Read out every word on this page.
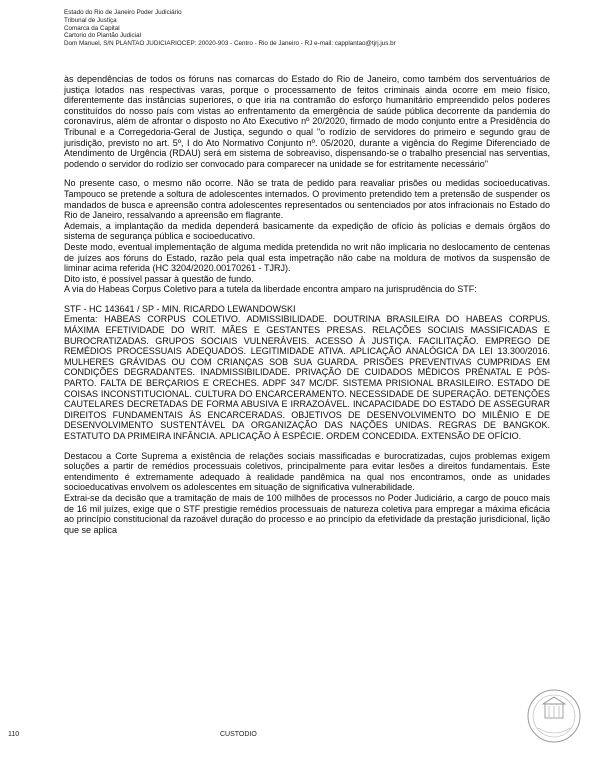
Estado do Rio de Janeiro Poder Judiciário
Tribunal de Justiça
Comarca da Capital
Cartorio do Plantão Judicial
Dom Manuel, S/N PLANTAO JUDICIARIOCEP: 20020-903 - Centro - Rio de Janeiro - RJ e-mail: capplantao@tjrj.jus.br

às dependências de todos os fóruns nas comarcas do Estado do Rio de Janeiro, como também dos serventuários de justiça lotados nas respectivas varas, porque o processamento de feitos criminais ainda ocorre em meio físico, diferentemente das instâncias superiores, o que iria na contramão do esforço humanitário empreendido pelos poderes constituídos do nosso país com vistas ao enfrentamento da emergência de saúde pública decorrente da pandemia do coronavírus, além de afrontar o disposto no Ato Executivo nº 20/2020, firmado de modo conjunto entre a Presidência do Tribunal e a Corregedoria-Geral de Justiça, segundo o qual "o rodízio de servidores do primeiro e segundo grau de jurisdição, previsto no art. 5º, I do Ato Normativo Conjunto nº. 05/2020, durante a vigência do Regime Diferenciado de Atendimento de Urgência (RDAU) será em sistema de sobreaviso, dispensando-se o trabalho presencial nas serventias, podendo o servidor do rodízio ser convocado para comparecer na unidade se for estritamente necessário"

No presente caso, o mesmo não ocorre. Não se trata de pedido para reavaliar prisões ou medidas socioeducativas. Tampouco se pretende a soltura de adolescentes internados. O provimento pretendido tem a pretensão de suspender os mandados de busca e apreensão contra adolescentes representados ou sentenciados por atos infracionais no Estado do Rio de Janeiro, ressalvando a apreensão em flagrante.

Ademais, a implantação da medida dependerá basicamente da expedição de ofício às polícias e demais órgãos do sistema de segurança pública e socioeducativo.

Deste modo, eventual implementação de alguma medida pretendida no writ não implicaria no deslocamento de centenas de juízes aos fóruns do Estado, razão pela qual esta impetração não cabe na moldura de motivos da suspensão de liminar acima referida (HC 3204/2020.00170261 - TJRJ).

Dito isto, é possível passar à questão de fundo.

A via do Habeas Corpus Coletivo para a tutela da liberdade encontra amparo na jurisprudência do STF:

STF - HC 143641 / SP - MIN. RICARDO LEWANDOWSKI

Ementa: HABEAS CORPUS COLETIVO. ADMISSIBILIDADE. DOUTRINA BRASILEIRA DO HABEAS CORPUS. MÁXIMA EFETIVIDADE DO WRIT. MÃES E GESTANTES PRESAS. RELAÇÕES SOCIAIS MASSIFICADAS E BUROCRATIZADAS. GRUPOS SOCIAIS VULNERÁVEIS. ACESSO À JUSTIÇA. FACILITAÇÃO. EMPREGO DE REMÉDIOS PROCESSUAIS ADEQUADOS. LEGITIMIDADE ATIVA. APLICAÇÃO ANALÓGICA DA LEI 13.300/2016. MULHERES GRÁVIDAS OU COM CRIANÇAS SOB SUA GUARDA. PRISÕES PREVENTIVAS CUMPRIDAS EM CONDIÇÕES DEGRADANTES. INADMISSIBILIDADE. PRIVAÇÃO DE CUIDADOS MÉDICOS PRÉNATAL E PÓS-PARTO. FALTA DE BERÇARIOS E CRECHES. ADPF 347 MC/DF. SISTEMA PRISIONAL BRASILEIRO. ESTADO DE COISAS INCONSTITUCIONAL. CULTURA DO ENCARCERAMENTO. NECESSIDADE DE SUPERAÇÃO. DETENÇÕES CAUTELARES DECRETADAS DE FORMA ABUSIVA E IRRAZOÁVEL. INCAPACIDADE DO ESTADO DE ASSEGURAR DIREITOS FUNDAMENTAIS ÀS ENCARCERADAS. OBJETIVOS DE DESENVOLVIMENTO DO MILÊNIO E DE DESENVOLVIMENTO SUSTENTÁVEL DA ORGANIZAÇÃO DAS NAÇÕES UNIDAS. REGRAS DE BANGKOK. ESTATUTO DA PRIMEIRA INFÂNCIA. APLICAÇÃO À ESPÉCIE. ORDEM CONCEDIDA. EXTENSÃO DE OFÍCIO.

Destacou a Corte Suprema a existência de relações sociais massificadas e burocratizadas, cujos problemas exigem soluções a partir de remédios processuais coletivos, principalmente para evitar lesões a direitos fundamentais. Este entendimento é extremamente adequado à realidade pandêmica na qual nos encontramos, onde as unidades socioeducativas envolvem os adolescentes em situação de significativa vulnerabilidade.

Extrai-se da decisão que a tramitação de mais de 100 milhões de processos no Poder Judiciário, a cargo de pouco mais de 16 mil juízes, exige que o STF prestigie remédios processuais de natureza coletiva para empregar a máxima eficácia ao princípio constitucional da razoável duração do processo e ao princípio da efetividade da prestação jurisdicional, lição que se aplica

110	CUSTODIO
